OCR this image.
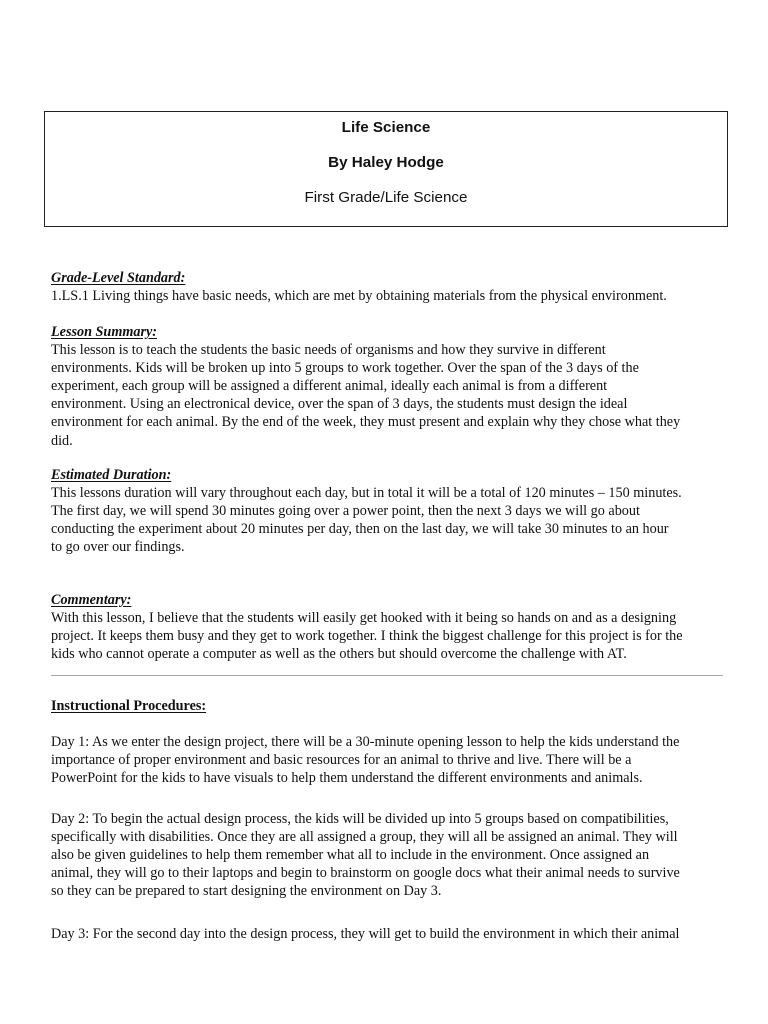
Life Science
By Haley Hodge
First Grade/Life Science
Grade-Level Standard:
1.LS.1 Living things have basic needs, which are met by obtaining materials from the physical environment.
Lesson Summary:
This lesson is to teach the students the basic needs of organisms and how they survive in different
environments. Kids will be broken up into 5 groups to work together. Over the span of the 3 days of the
experiment, each group will be assigned a different animal, ideally each animal is from a different
environment. Using an electronical device, over the span of 3 days, the students must design the ideal
environment for each animal. By the end of the week, they must present and explain why they chose what they
did.
Estimated Duration:
This lessons duration will vary throughout each day, but in total it will be a total of 120 minutes – 150 minutes.
The first day, we will spend 30 minutes going over a power point, then the next 3 days we will go about
conducting the experiment about 20 minutes per day, then on the last day, we will take 30 minutes to an hour
to go over our findings.
Commentary:
With this lesson, I believe that the students will easily get hooked with it being so hands on and as a designing
project. It keeps them busy and they get to work together. I think the biggest challenge for this project is for the
kids who cannot operate a computer as well as the others but should overcome the challenge with AT.
Instructional Procedures:
Day 1: As we enter the design project, there will be a 30-minute opening lesson to help the kids understand the
importance of proper environment and basic resources for an animal to thrive and live. There will be a
PowerPoint for the kids to have visuals to help them understand the different environments and animals.
Day 2: To begin the actual design process, the kids will be divided up into 5 groups based on compatibilities,
specifically with disabilities. Once they are all assigned a group, they will all be assigned an animal. They will
also be given guidelines to help them remember what all to include in the environment. Once assigned an
animal, they will go to their laptops and begin to brainstorm on google docs what their animal needs to survive
so they can be prepared to start designing the environment on Day 3.
Day 3: For the second day into the design process, they will get to build the environment in which their animal
